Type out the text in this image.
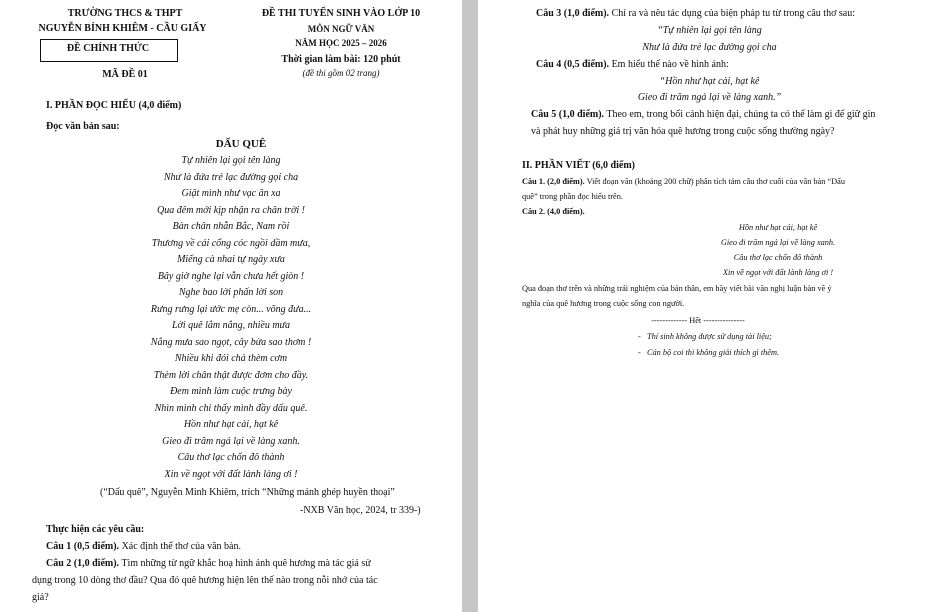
TRƯỜNG THCS & THPT
NGUYỄN BỈNH KHIÊM - CẦU GIẤY
ĐỀ CHÍNH THỨC
MÃ ĐỀ 01
ĐỀ THI TUYỂN SINH VÀO LỚP 10
MÔN NGỮ VĂN
NĂM HỌC 2025 – 2026
Thời gian làm bài: 120 phút
(đề thi gồm 02 trang)
I. PHẦN ĐỌC HIỂU (4,0 điểm)
Đọc văn bản sau:
DẤU QUÊ
Tự nhiên lại gọi tên làng
Như là đứa trẻ lạc đường gọi cha
Giật mình như vạc ăn xa
Qua đêm mới kịp nhận ra chân trời !
Bàn chân nhẵn Bắc, Nam rồi
Thương về cái cổng cóc ngồi dầm mưa,
Miếng cà nhai tự ngày xưa
Bây giờ nghe lại vẫn chưa hết giòn !
Nghe bao lời phấn lời son
Rưng rưng lại ước mẹ còn... võng đưa...
Lời quê lắm nắng, nhiều mưa
Nắng mưa sao ngọt, cây bừa sao thơm !
Nhiều khi đói chả thèm cơm
Thèm lời chân thật được đơm cho đầy.
Đem mình làm cuộc trưng bày
Nhìn mình chỉ thấy mình đầy dấu quê.
Hồn như hạt cải, hạt kê
Gieo đi trăm ngả lại về làng xanh.
Câu thơ lạc chốn đô thành
Xin về ngọt với đất lành làng ơi !
(“Dấu quê”, Nguyễn Minh Khiêm, trích “Những mảnh ghép huyền thoại”
-NXB Văn học, 2024, tr 339-)
Thực hiện các yêu cầu:
Câu 1 (0,5 điểm). Xác định thể thơ của văn bản.
Câu 2 (1,0 điểm). Tìm những từ ngữ khắc hoạ hình ảnh quê hương mà tác giả sử
dụng trong 10 dòng thơ đầu? Qua đó quê hương hiện lên thế nào trong nỗi nhớ của tác
giả?
Câu 3 (1,0 điểm). Chỉ ra và nêu tác dụng của biện pháp tu từ trong câu thơ sau:
“Tự nhiên lại gọi tên làng
Như là đứa trẻ lạc đường gọi cha
Câu 4 (0,5 điểm). Em hiểu thế nào về hình ảnh:
“Hồn như hạt cải, hạt kê
Gieo đi trăm ngả lại về làng xanh.”
Câu 5 (1,0 điểm). Theo em, trong bối cảnh hiện đại, chúng ta có thể làm gì để giữ gìn
và phát huy những giá trị văn hóa quê hương trong cuộc sống thường ngày?
II. PHẦN VIẾT (6,0 điểm)
Câu 1. (2,0 điểm). Viết đoạn văn (khoảng 200 chữ) phân tích tám câu thơ cuối của văn bản “Dấu
quê” trong phần đọc hiểu trên.
Câu 2. (4,0 điểm).
Hồn như hạt cải, hạt kê
Gieo đi trăm ngả lại về làng xanh.
Câu thơ lạc chốn đô thành
Xin về ngọt với đất lành làng ơi !
Qua đoạn thơ trên và những trải nghiệm của bản thân, em hãy viết bài văn nghị luận bàn về ý
nghĩa của quê hương trong cuộc sống con người.
------------- Hết ---------------
-   Thí sinh không được sử dụng tài liệu;
-   Cán bộ coi thi không giải thích gì thêm.
